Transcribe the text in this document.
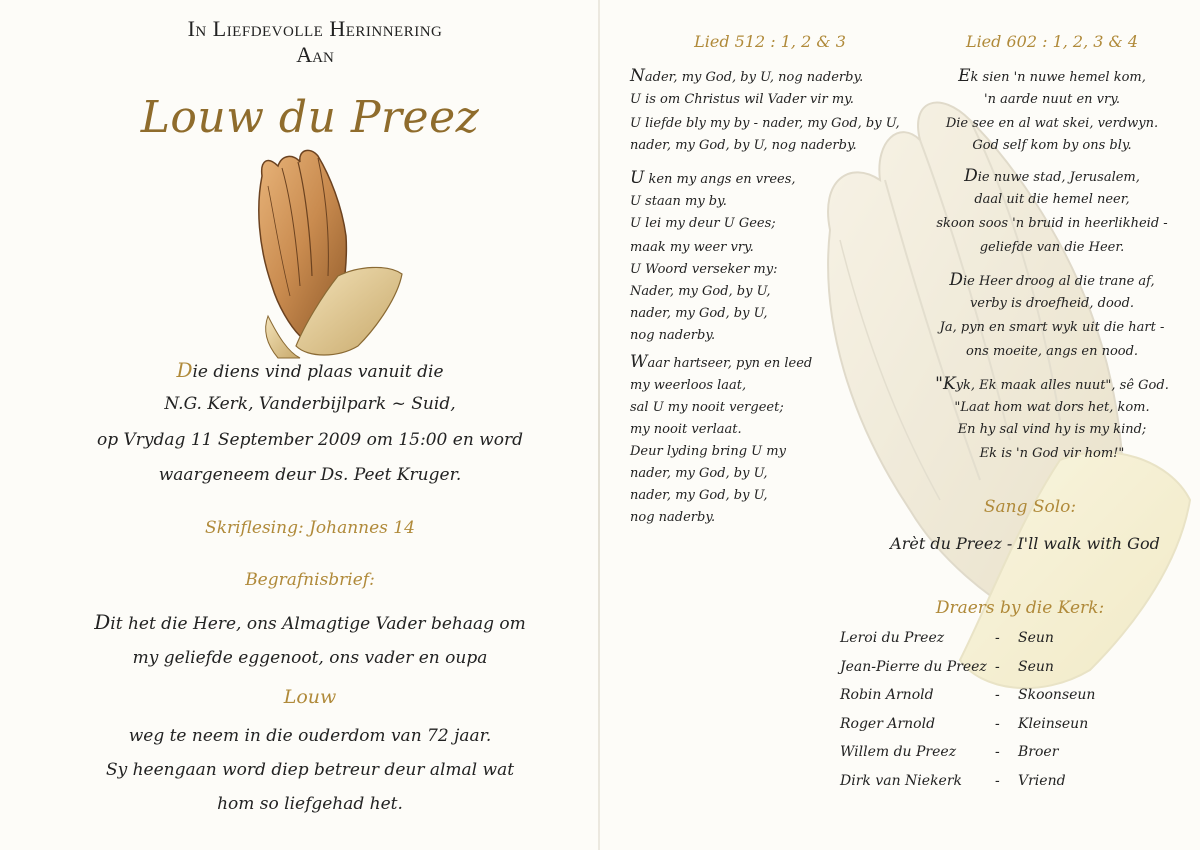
In Liefdevolle Herinnering
Aan
Louw du Preez
Die diens vind plaas vanuit die
N.G. Kerk, Vanderbijlpark ~ Suid,
op Vrydag 11 September 2009 om 15:00 en word
waargeneem deur Ds. Peet Kruger.
Skriflesing: Johannes 14
Begrafnisbrief:
Dit het die Here, ons Almagtige Vader behaag om
my geliefde eggenoot, ons vader en oupa
Louw
weg te neem in die ouderdom van 72 jaar.
Sy heengaan word diep betreur deur almal wat
hom so liefgehad het.
Lied 512 : 1, 2 & 3
Nader, my God, by U, nog naderby.
U is om Christus wil Vader vir my.
U liefde bly my by - nader, my God, by U,
nader, my God, by U, nog naderby.
U ken my angs en vrees,
U staan my by.
U lei my deur U Gees;
maak my weer vry.
U Woord verseker my:
Nader, my God, by U,
nader, my God, by U,
nog naderby.
Waar hartseer, pyn en leed
my weerloos laat,
sal U my nooit vergeet;
my nooit verlaat.
Deur lyding bring U my
nader, my God, by U,
nader, my God, by U,
nog naderby.
Lied 602 : 1, 2, 3 & 4
Ek sien 'n nuwe hemel kom,
'n aarde nuut en vry.
Die see en al wat skei, verdwyn.
God self kom by ons bly.
Die nuwe stad, Jerusalem,
daal uit die hemel neer,
skoon soos 'n bruid in heerlikheid -
geliefde van die Heer.
Die Heer droog al die trane af,
verby is droefheid, dood.
Ja, pyn en smart wyk uit die hart -
ons moeite, angs en nood.
"Kyk, Ek maak alles nuut", sê God.
"Laat hom wat dors het, kom.
En hy sal vind hy is my kind;
Ek is 'n God vir hom!"
Sang Solo:
Arèt du Preez - I'll walk with God
Draers by die Kerk:
Leroi du Preez	- Seun
Jean-Pierre du Preez - Seun
Robin Arnold	- Skoonseun
Roger Arnold	- Kleinseun
Willem du Preez	- Broer
Dirk van Niekerk - Vriend
